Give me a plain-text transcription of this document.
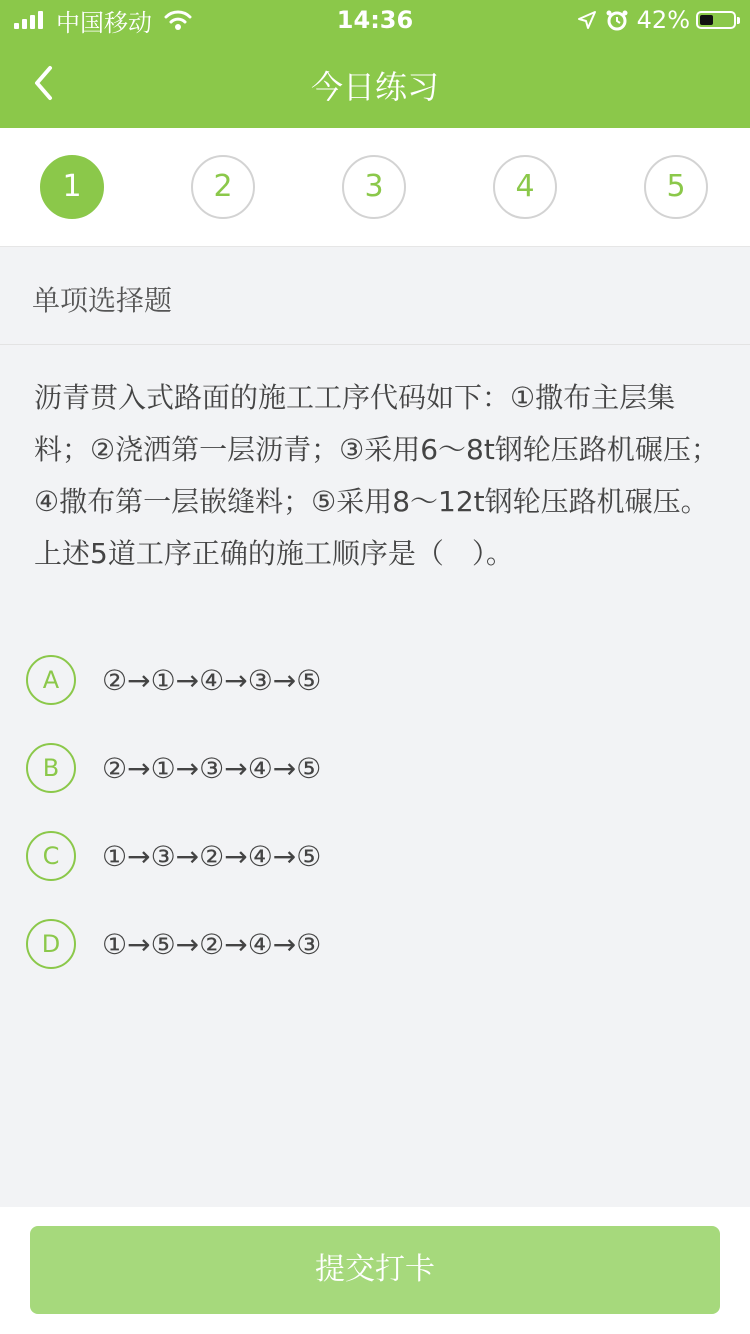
中国移动	14:36	42%
今日练习
1	2	3	4	5
单项选择题
沥青贯入式路面的施工工序代码如下：①撒布主层集料；②浇洒第一层沥青；③采用6～8t钢轮压路机碾压；④撒布第一层嵌缝料；⑤采用8～12t钢轮压路机碾压。上述5道工序正确的施工顺序是（　）。
A	②→①→④→③→⑤
B	②→①→③→④→⑤
C	①→③→②→④→⑤
D	①→⑤→②→④→③
提交打卡
